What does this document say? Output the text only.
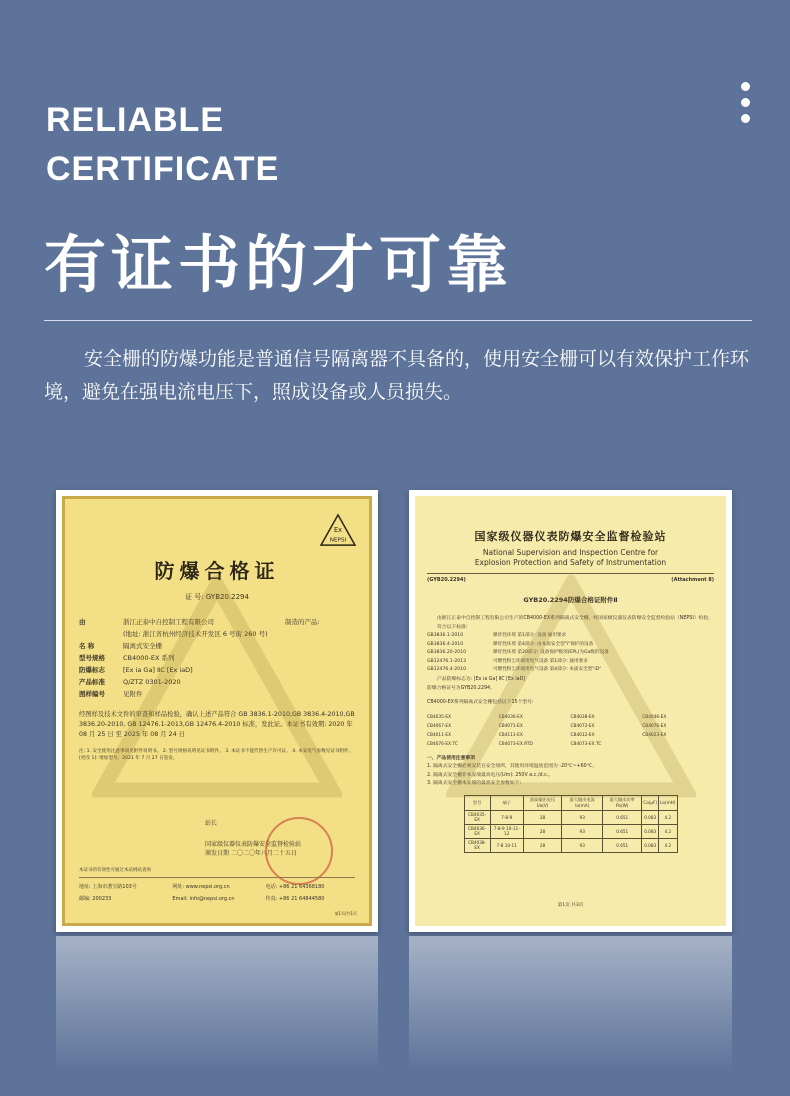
RELIABLE
CERTIFICATE
有证书的才可靠
安全栅的防爆功能是普通信号隔离器不具备的，使用安全栅可以有效保护工作环境，避免在强电流电压下，照成设备或人员损失。
Ex
NEPSI
防爆合格证
证 号: GYB20.2294
由	浙江正泰中自控制工程有限公司	制造的产品:
(地址: 浙江省杭州经济技术开发区 6 号街 260 号)
名 称	隔离式安全栅
型号规格	CB4000-EX 系列
防爆标志	[Ex ia Ga] ⅡC [Ex iaD]
产品标准	Q/ZTZ 0301-2020
图样编号	见附件
经图样及技术文件的审查和样品检验，确认上述产品符合 GB 3836.1-2010,GB 3836.4-2010,GB 3836.20-2010, GB 12476.1-2013,GB 12476.4-2010 标准，发此证。本证书有效期: 2020 年 08 月 25 日 至 2025 年 08 月 24 日
注: 1. 安全使用注意事项见附件说明书。 2. 型号规格说明见证书附件。 3. 本证书不能代替生产许可证。 4. 本安电气参数见证书附件。 [更改 1]: 增加型号。2021 年 7 月 27 日签发。
站长
国家级仪器仪表防爆安全监督检验站
颁发日期 二〇二〇年八月二十五日
本证书的有效性可通过本站网站查询
地址: 上海市漕宝路103号	网址: www.nepsi.org.cn	电话: +86 21 64368180
邮编: 200233	Email: info@nepsi.org.cn	传真: +86 21 64844580
第1页/共1页
国家级仪器仪表防爆安全监督检验站
National Supervision and Inspection Centre for
Explosion Protection and Safety of Instrumentation
(GYB20.2294)	(Attachment Ⅱ)
GYB20.2294防爆合格证附件Ⅱ
由浙江正泰中自控制工程有限公司生产的CB4000-EX系列隔离式安全栅，经国家级仪器仪表防爆安全监督检验站（NEPSI）检验，符合以下标准:
GB3836.1-2010	爆炸性环境 第1部分: 设备 通用要求
GB3836.4-2010	爆炸性环境 第4部分: 由本质安全型"i"保护的设备
GB3836.20-2010	爆炸性环境 第20部分: 设备保护级别(EPL)为Ga级的设备
GB12476.1-2013	可燃性粉尘环境用电气设备 第1部分: 通用要求
GB12476.4-2010	可燃性粉尘环境用电气设备 第4部分: 本质安全型"iD"
产品防爆标志为: [Ex ia Ga] ⅡC [Ex iaD]
防爆合格证号为GYB20.2294。
CB4000-EX系列隔离式安全栅包括以下15个型号:
CB4035-EX	CB4036-EX	CB4038-EX	CB4046-EX
CB4067-EX	CB4071-EX	CB4072-EX	CB4076-EX
CB4011-EX	CB4111-EX	CB4012-EX	CB4023-EX
CB4076-EX.TC	CB4073-EX.RTD	CB4073-EX.TC
一、产品使用注意事项
1. 隔离式安全栅必须安装在安全场所，其使用环境温度范围为 -20℃~+60℃。
2. 隔离式安全栅非本安端最高电压(Um): 250V a.c./d.c.。
3. 隔离式安全栅本安端的最高安全参数如下:
型号	端子	最高输出电压Uo(V)	最大输出电流Io(mA)	最大输出功率Po(W)	Co(μF)	Lo(mH)
CB4035-EX	7-8-9	28	93	0.651	0.083	4.2
CB4036-EX	7-8-9 10-11-12	28	93	0.651	0.083	4.2
CB4038-EX	7-8 10-11	28	93	0.651	0.083	4.2
第1页 共3页
